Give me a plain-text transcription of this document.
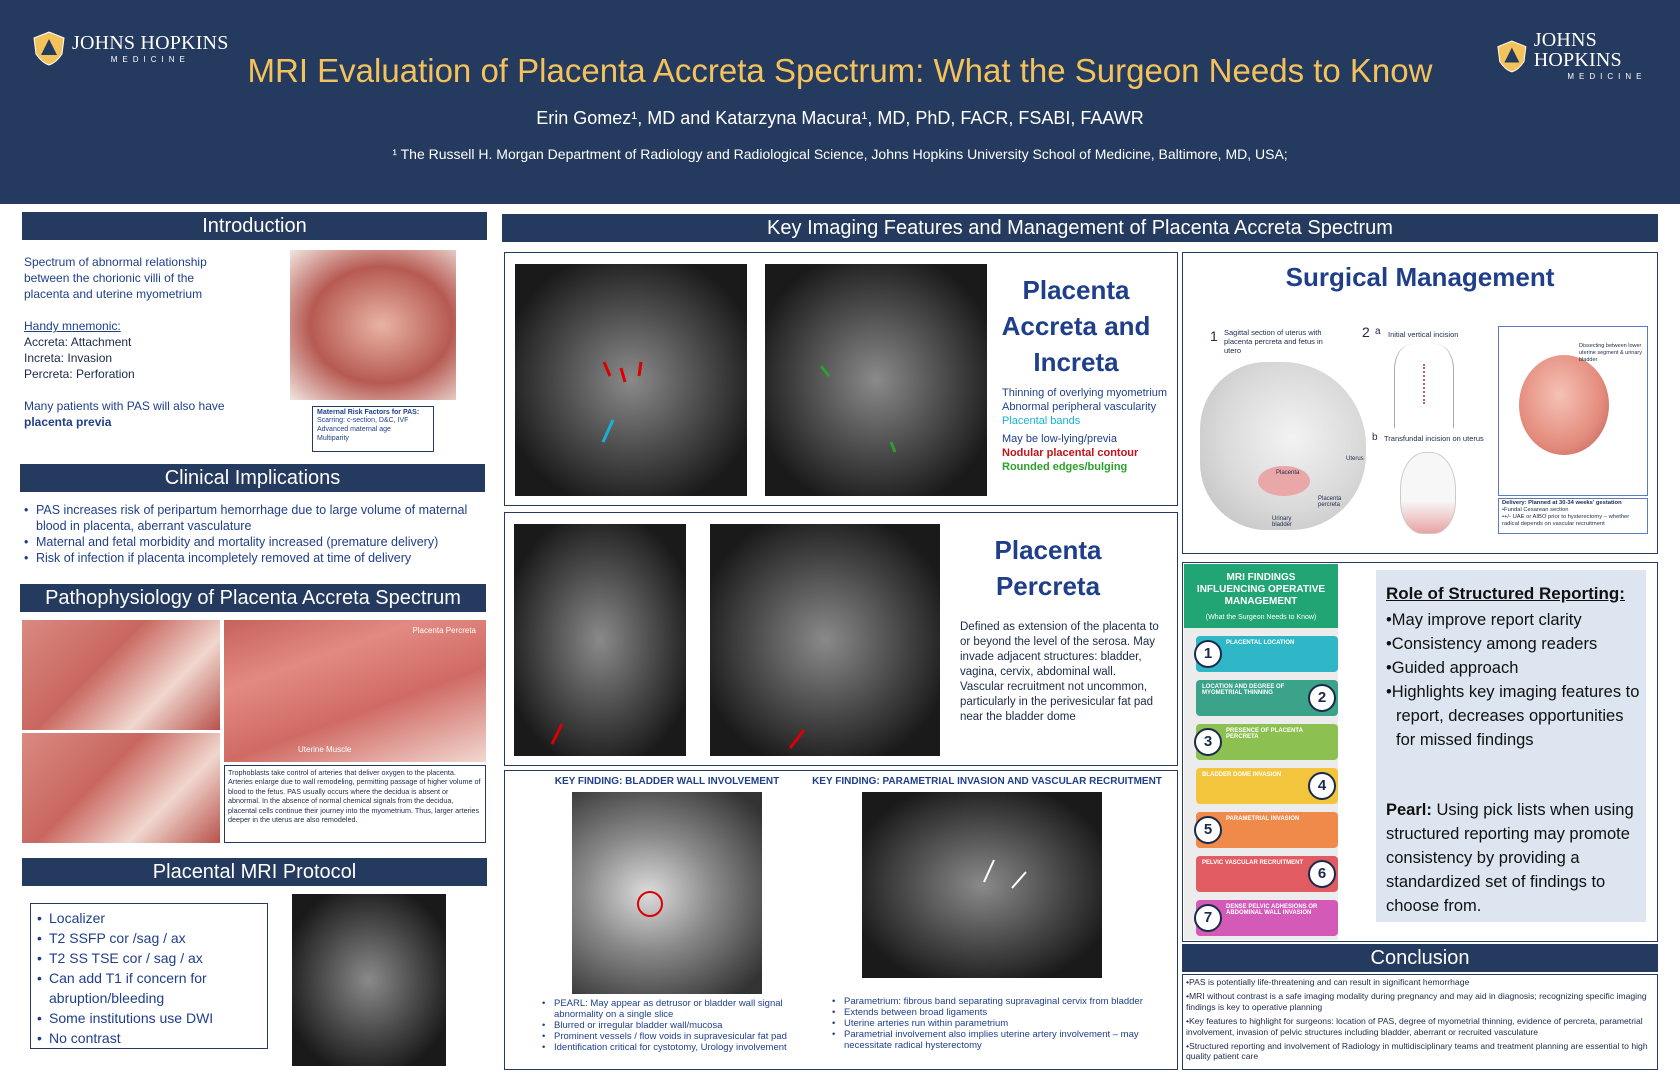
JOHNS HOPKINS
MEDICINE
JOHNS HOPKINS
MEDICINE
MRI Evaluation of Placenta Accreta Spectrum: What the Surgeon Needs to Know
Erin Gomez¹, MD and Katarzyna Macura¹, MD, PhD, FACR, FSABI, FAAWR
¹ The Russell H. Morgan Department of Radiology and Radiological Science, Johns Hopkins University School of Medicine, Baltimore, MD, USA;
Introduction
Spectrum of abnormal relationship between the chorionic villi of the placenta and uterine myometrium
Handy mnemonic:
Accreta: Attachment
Increta: Invasion
Percreta: Perforation
Many patients with PAS will also have
placenta previa
Maternal Risk Factors for PAS:
Scarring: c-section, D&C, IVF
Advanced maternal age
Multiparity
Clinical Implications
• PAS increases risk of peripartum hemorrhage due to large volume of maternal blood in placenta, aberrant vasculature
• Maternal and fetal morbidity and mortality increased (premature delivery)
• Risk of infection if placenta incompletely removed at time of delivery
Pathophysiology of Placenta Accreta Spectrum
Placenta Percreta
Uterine Muscle
Trophoblasts take control of arteries that deliver oxygen to the placenta. Arteries enlarge due to wall remodeling, permitting passage of higher volume of blood to the fetus. PAS usually occurs where the decidua is absent or abnormal. In the absence of normal chemical signals from the decidua, placental cells continue their journey into the myometrium. Thus, larger arteries deeper in the uterus are also remodeled.
Placental MRI Protocol
• Localizer
• T2 SSFP cor /sag / ax
• T2 SS TSE cor / sag / ax
• Can add T1 if concern for abruption/bleeding
• Some institutions use DWI
• No contrast
Key Imaging Features and Management of Placenta Accreta Spectrum
Placenta Accreta and Increta
Thinning of overlying myometrium
Abnormal peripheral vascularity
Placental bands
May be low-lying/previa
Nodular placental contour
Rounded edges/bulging
Placenta Percreta
Defined as extension of the placenta to or beyond the level of the serosa. May invade adjacent structures: bladder, vagina, cervix, abdominal wall. Vascular recruitment not uncommon, particularly in the perivesicular fat pad near the bladder dome
KEY FINDING: BLADDER WALL INVOLVEMENT
• PEARL: May appear as detrusor or bladder wall signal abnormality on a single slice
• Blurred or irregular bladder wall/mucosa
• Prominent vessels / flow voids in supravesicular fat pad
• Identification critical for cystotomy, Urology involvement
KEY FINDING: PARAMETRIAL INVASION AND VASCULAR RECRUITMENT
• Parametrium: fibrous band separating supravaginal cervix from bladder
• Extends between broad ligaments
• Uterine arteries run within parametrium
• Parametrial involvement also implies uterine artery involvement – may necessitate radical hysterectomy
Surgical Management
1 Sagittal section of uterus with placenta percreta and fetus in utero
Uterus
Placenta
Placenta percreta
Urinary bladder
2 a Initial vertical incision
b Transfundal incision on uterus
Dissecting between lower uterine segment & urinary bladder
Delivery: Planned at 30-34 weeks' gestation
•Fundal Cesarean section
•+/- UAE or AIBO prior to hysterectomy – whether radical depends on vascular recruitment
MRI FINDINGS INFLUENCING OPERATIVE MANAGEMENT
(What the Surgeon Needs to Know)
PLACENTAL LOCATION
1
LOCATION AND DEGREE OF MYOMETRIAL THINNING	2
PRESENCE OF PLACENTA PERCRETA
3
BLADDER DOME INVASION
4
PARAMETRIAL INVASION
5
PELVIC VASCULAR RECRUITMENT
6
DENSE PELVIC ADHESIONS OR ABDOMINAL WALL INVASION
7
Role of Structured Reporting:
•May improve report clarity
•Consistency among readers
•Guided approach
•Highlights key imaging features to report, decreases opportunities for missed findings
Pearl: Using pick lists when using structured reporting may promote consistency by providing a standardized set of findings to choose from.
Conclusion
•PAS is potentially life-threatening and can result in significant hemorrhage
•MRI without contrast is a safe imaging modality during pregnancy and may aid in diagnosis; recognizing specific imaging findings is key to operative planning
•Key features to highlight for surgeons: location of PAS, degree of myometrial thinning, evidence of percreta, parametrial involvement, invasion of pelvic structures including bladder, aberrant or recruited vasculature
•Structured reporting and involvement of Radiology in multidisciplinary teams and treatment planning are essential to high quality patient care
